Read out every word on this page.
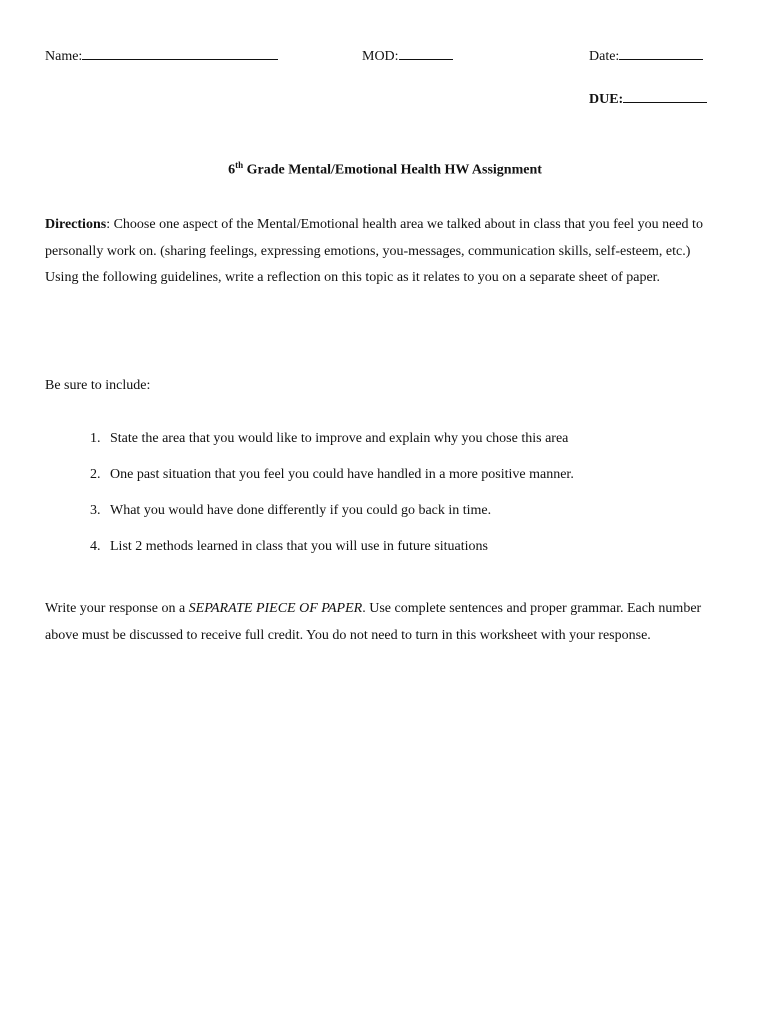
Name:	MOD:	Date:
DUE:
6th Grade Mental/Emotional Health HW Assignment
Directions: Choose one aspect of the Mental/Emotional health area we talked about in class that you feel you need to personally work on. (sharing feelings, expressing emotions, you-messages, communication skills, self-esteem, etc.) Using the following guidelines, write a reflection on this topic as it relates to you on a separate sheet of paper.
Be sure to include:
1. State the area that you would like to improve and explain why you chose this area
2. One past situation that you feel you could have handled in a more positive manner.
3. What you would have done differently if you could go back in time.
4. List 2 methods learned in class that you will use in future situations
Write your response on a SEPARATE PIECE OF PAPER. Use complete sentences and proper grammar. Each number above must be discussed to receive full credit. You do not need to turn in this worksheet with your response.
